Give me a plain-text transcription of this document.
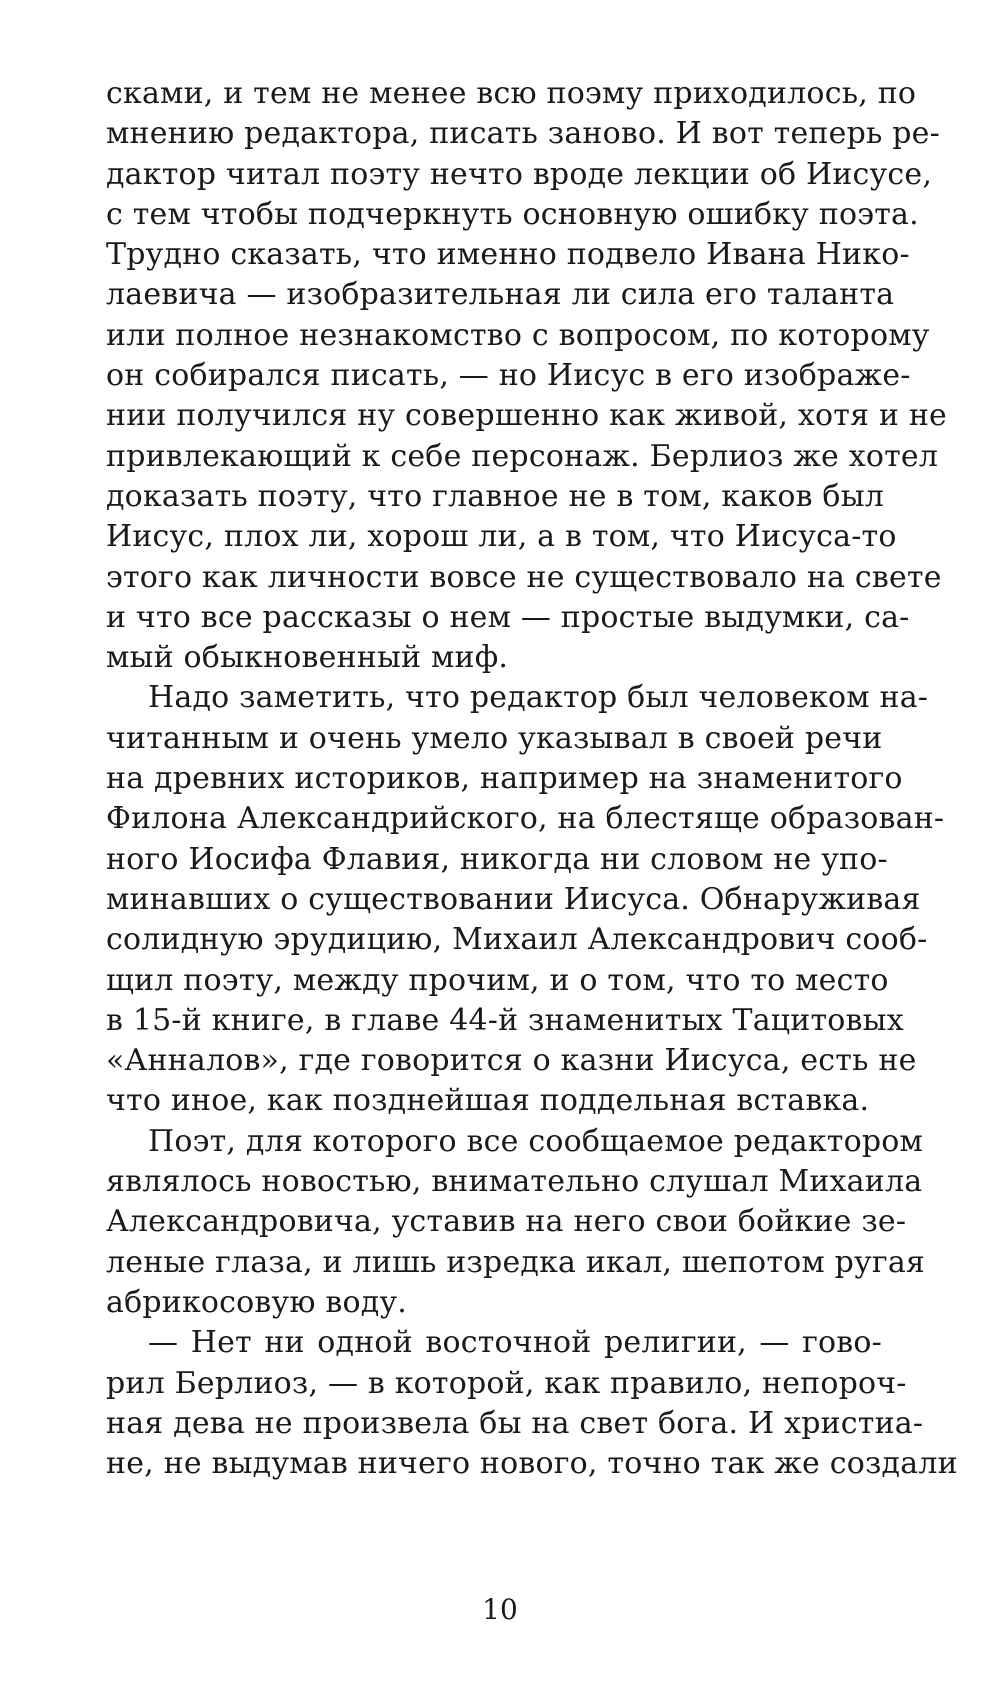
сками, и тем не менее всю поэму приходилось, по
мнению редактора, писать заново. И вот теперь ре-
дактор читал поэту нечто вроде лекции об Иисусе,
с тем чтобы подчеркнуть основную ошибку поэта.
Трудно сказать, что именно подвело Ивана Нико-
лаевича — изобразительная ли сила его таланта
или полное незнакомство с вопросом, по которому
он собирался писать, — но Иисус в его изображе-
нии получился ну совершенно как живой, хотя и не
привлекающий к себе персонаж. Берлиоз же хотел
доказать поэту, что главное не в том, каков был
Иисус, плох ли, хорош ли, а в том, что Иисуса-то
этого как личности вовсе не существовало на свете
и что все рассказы о нем — простые выдумки, са-
мый обыкновенный миф.
Надо заметить, что редактор был человеком на-
читанным и очень умело указывал в своей речи
на древних историков, например на знаменитого
Филона Александрийского, на блестяще образован-
ного Иосифа Флавия, никогда ни словом не упо-
минавших о существовании Иисуса. Обнаруживая
солидную эрудицию, Михаил Александрович сооб-
щил поэту, между прочим, и о том, что то место
в 15-й книге, в главе 44-й знаменитых Тацитовых
«Анналов», где говорится о казни Иисуса, есть не
что иное, как позднейшая поддельная вставка.
Поэт, для которого все сообщаемое редактором
являлось новостью, внимательно слушал Михаила
Александровича, уставив на него свои бойкие зе-
леные глаза, и лишь изредка икал, шепотом ругая
абрикосовую воду.
— Нет ни одной восточной религии, — гово-
рил Берлиоз, — в которой, как правило, непороч-
ная дева не произвела бы на свет бога. И христиа-
не, не выдумав ничего нового, точно так же создали
10
